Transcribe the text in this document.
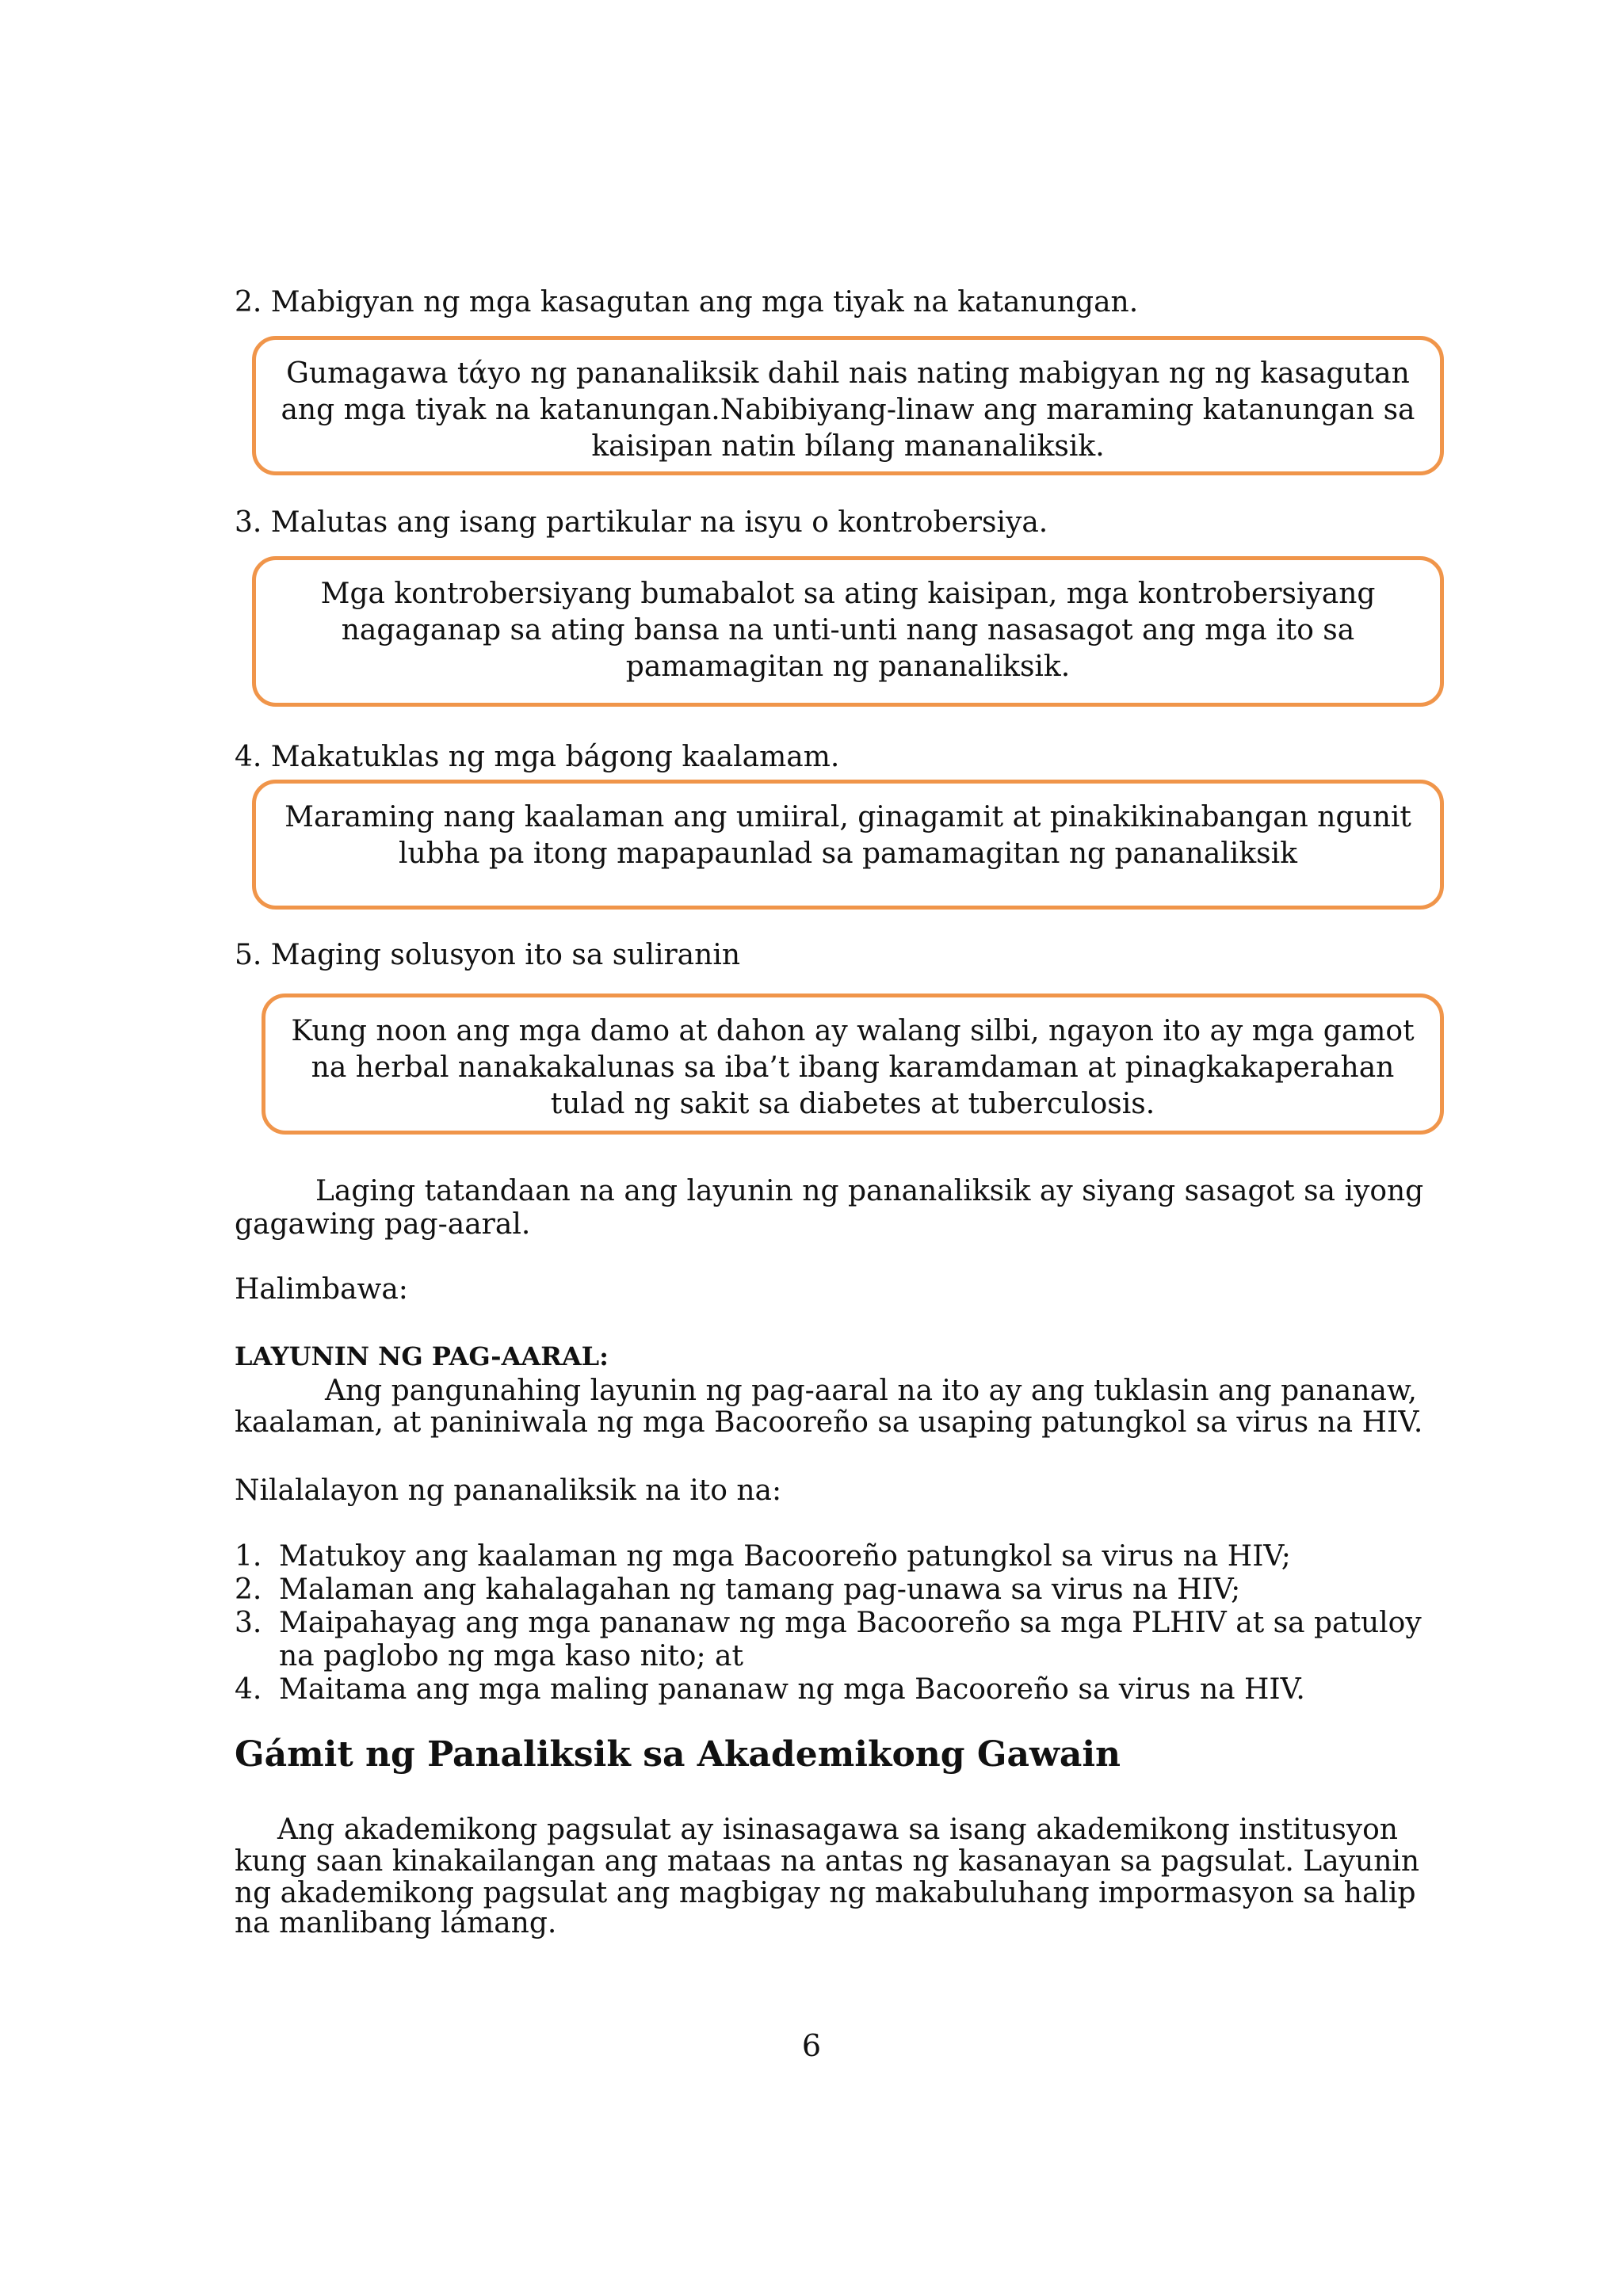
2. Mabigyan ng mga kasagutan ang mga tiyak na katanungan.
Gumagawa tάyo ng pananaliksik dahil nais nating mabigyan ng ng kasagutan
ang mga tiyak na katanungan.Nabibiyang-linaw ang maraming katanungan sa
kaisipan natin bílang mananaliksik.
3. Malutas ang isang partikular na isyu o kontrobersiya.
Mga kontrobersiyang bumabalot sa ating kaisipan, mga kontrobersiyang
nagaganap sa ating bansa na unti-unti nang nasasagot ang mga ito sa
pamamagitan ng pananaliksik.
4. Makatuklas ng mga bágong kaalamam.
Maraming nang kaalaman ang umiiral, ginagamit at pinakikinabangan ngunit
lubha pa itong mapapaunlad sa pamamagitan ng pananaliksik
5. Maging solusyon ito sa suliranin
Kung noon ang mga damo at dahon ay walang silbi, ngayon ito ay mga gamot
na herbal nanakakalunas sa iba’t ibang karamdaman at pinagkakaperahan
tulad ng sakit sa diabetes at tuberculosis.
Laging tatandaan na ang layunin ng pananaliksik ay siyang sasagot sa iyong
gagawing pag-aaral.
Halimbawa:
LAYUNIN NG PAG-AARAL:
Ang pangunahing layunin ng pag-aaral na ito ay ang tuklasin ang pananaw,
kaalaman, at paniniwala ng mga Bacooreño sa usaping patungkol sa virus na HIV.
Nilalalayon ng pananaliksik na ito na:
1. Matukoy ang kaalaman ng mga Bacooreño patungkol sa virus na HIV;
2. Malaman ang kahalagahan ng tamang pag-unawa sa virus na HIV;
3. Maipahayag ang mga pananaw ng mga Bacooreño sa mga PLHIV at sa patuloy
na paglobo ng mga kaso nito; at
4. Maitama ang mga maling pananaw ng mga Bacooreño sa virus na HIV.
Gámit ng Panaliksik sa Akademikong Gawain
Ang akademikong pagsulat ay isinasagawa sa isang akademikong institusyon
kung saan kinakailangan ang mataas na antas ng kasanayan sa pagsulat. Layunin
ng akademikong pagsulat ang magbigay ng makabuluhang impormasyon sa halip
na manlibang lámang.
6
